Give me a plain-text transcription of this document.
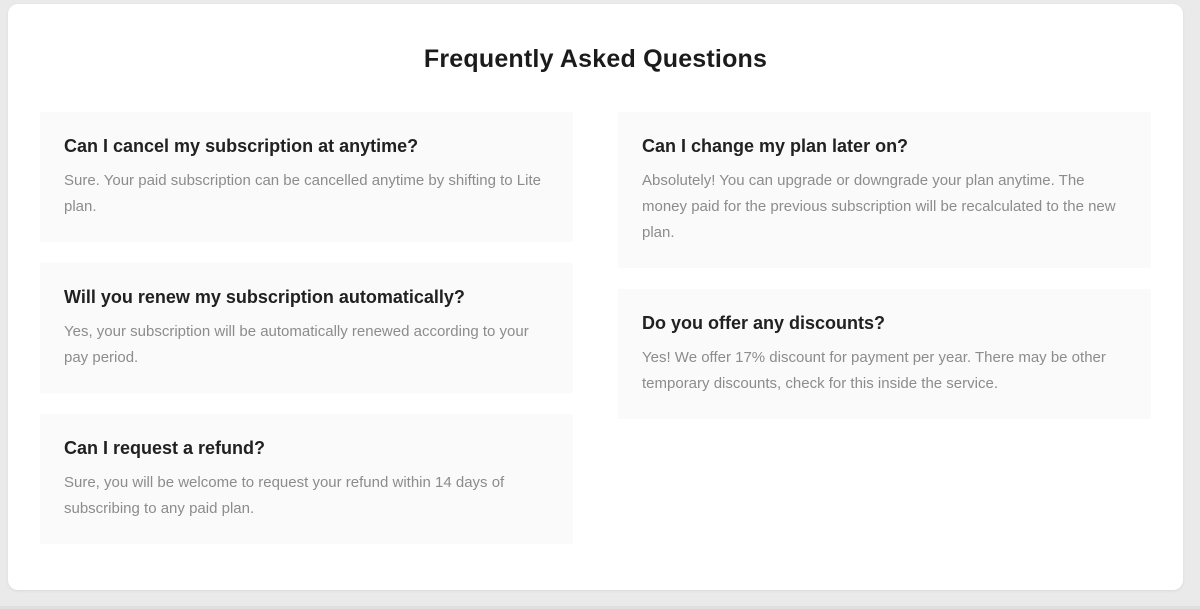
Frequently Asked Questions
Can I cancel my subscription at anytime?

Sure. Your paid subscription can be cancelled anytime by shifting to Lite plan.

Will you renew my subscription automatically?

Yes, your subscription will be automatically renewed according to your pay period.

Can I request a refund?

Sure, you will be welcome to request your refund within 14 days of subscribing to any paid plan.

Can I change my plan later on?

Absolutely! You can upgrade or downgrade your plan anytime. The money paid for the previous subscription will be recalculated to the new plan.

Do you offer any discounts?

Yes! We offer 17% discount for payment per year. There may be other temporary discounts, check for this inside the service.
